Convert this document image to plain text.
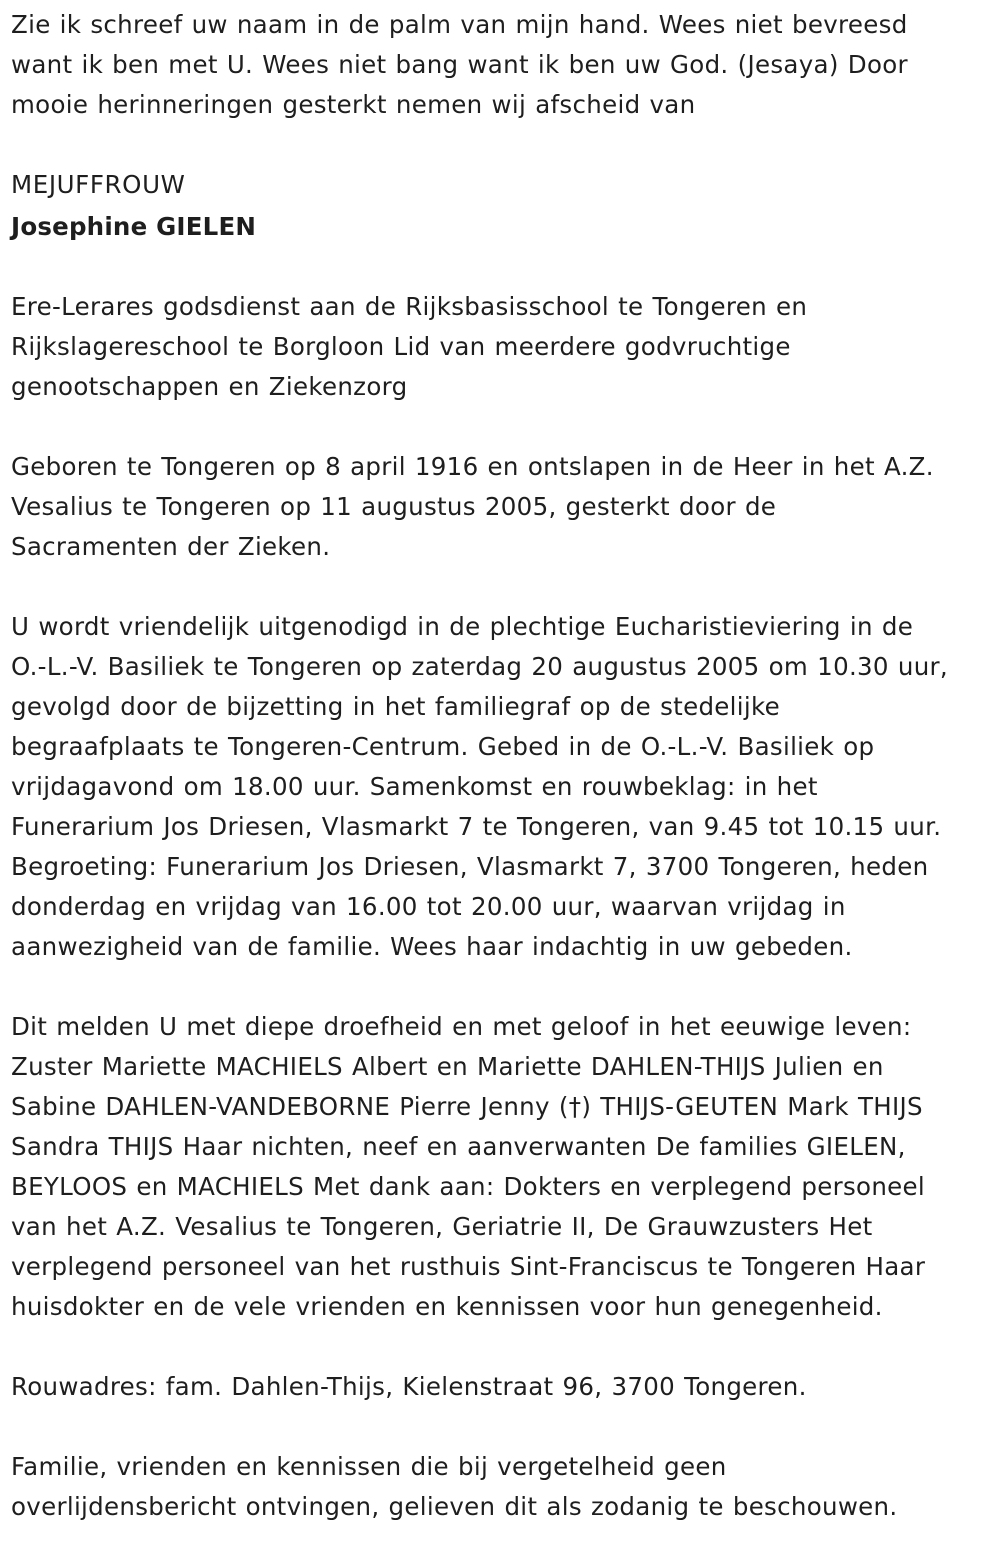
Zie ik schreef uw naam in de palm van mijn hand. Wees niet bevreesd
want ik ben met U. Wees niet bang want ik ben uw God. (Jesaya) Door
mooie herinneringen gesterkt nemen wij afscheid van
MEJUFFROUW
Josephine GIELEN
Ere-Lerares godsdienst aan de Rijksbasisschool te Tongeren en
Rijkslagereschool te Borgloon Lid van meerdere godvruchtige
genootschappen en Ziekenzorg
Geboren te Tongeren op 8 april 1916 en ontslapen in de Heer in het A.Z.
Vesalius te Tongeren op 11 augustus 2005, gesterkt door de
Sacramenten der Zieken.
U wordt vriendelijk uitgenodigd in de plechtige Eucharistieviering in de
O.-L.-V. Basiliek te Tongeren op zaterdag 20 augustus 2005 om 10.30 uur,
gevolgd door de bijzetting in het familiegraf op de stedelijke
begraafplaats te Tongeren-Centrum. Gebed in de O.-L.-V. Basiliek op
vrijdagavond om 18.00 uur. Samenkomst en rouwbeklag: in het
Funerarium Jos Driesen, Vlasmarkt 7 te Tongeren, van 9.45 tot 10.15 uur.
Begroeting: Funerarium Jos Driesen, Vlasmarkt 7, 3700 Tongeren, heden
donderdag en vrijdag van 16.00 tot 20.00 uur, waarvan vrijdag in
aanwezigheid van de familie. Wees haar indachtig in uw gebeden.
Dit melden U met diepe droefheid en met geloof in het eeuwige leven:
Zuster Mariette MACHIELS Albert en Mariette DAHLEN-THIJS Julien en
Sabine DAHLEN-VANDEBORNE Pierre Jenny (†) THIJS-GEUTEN Mark THIJS
Sandra THIJS Haar nichten, neef en aanverwanten De families GIELEN,
BEYLOOS en MACHIELS Met dank aan: Dokters en verplegend personeel
van het A.Z. Vesalius te Tongeren, Geriatrie II, De Grauwzusters Het
verplegend personeel van het rusthuis Sint-Franciscus te Tongeren Haar
huisdokter en de vele vrienden en kennissen voor hun genegenheid.
Rouwadres: fam. Dahlen-Thijs, Kielenstraat 96, 3700 Tongeren.
Familie, vrienden en kennissen die bij vergetelheid geen
overlijdensbericht ontvingen, gelieven dit als zodanig te beschouwen.
